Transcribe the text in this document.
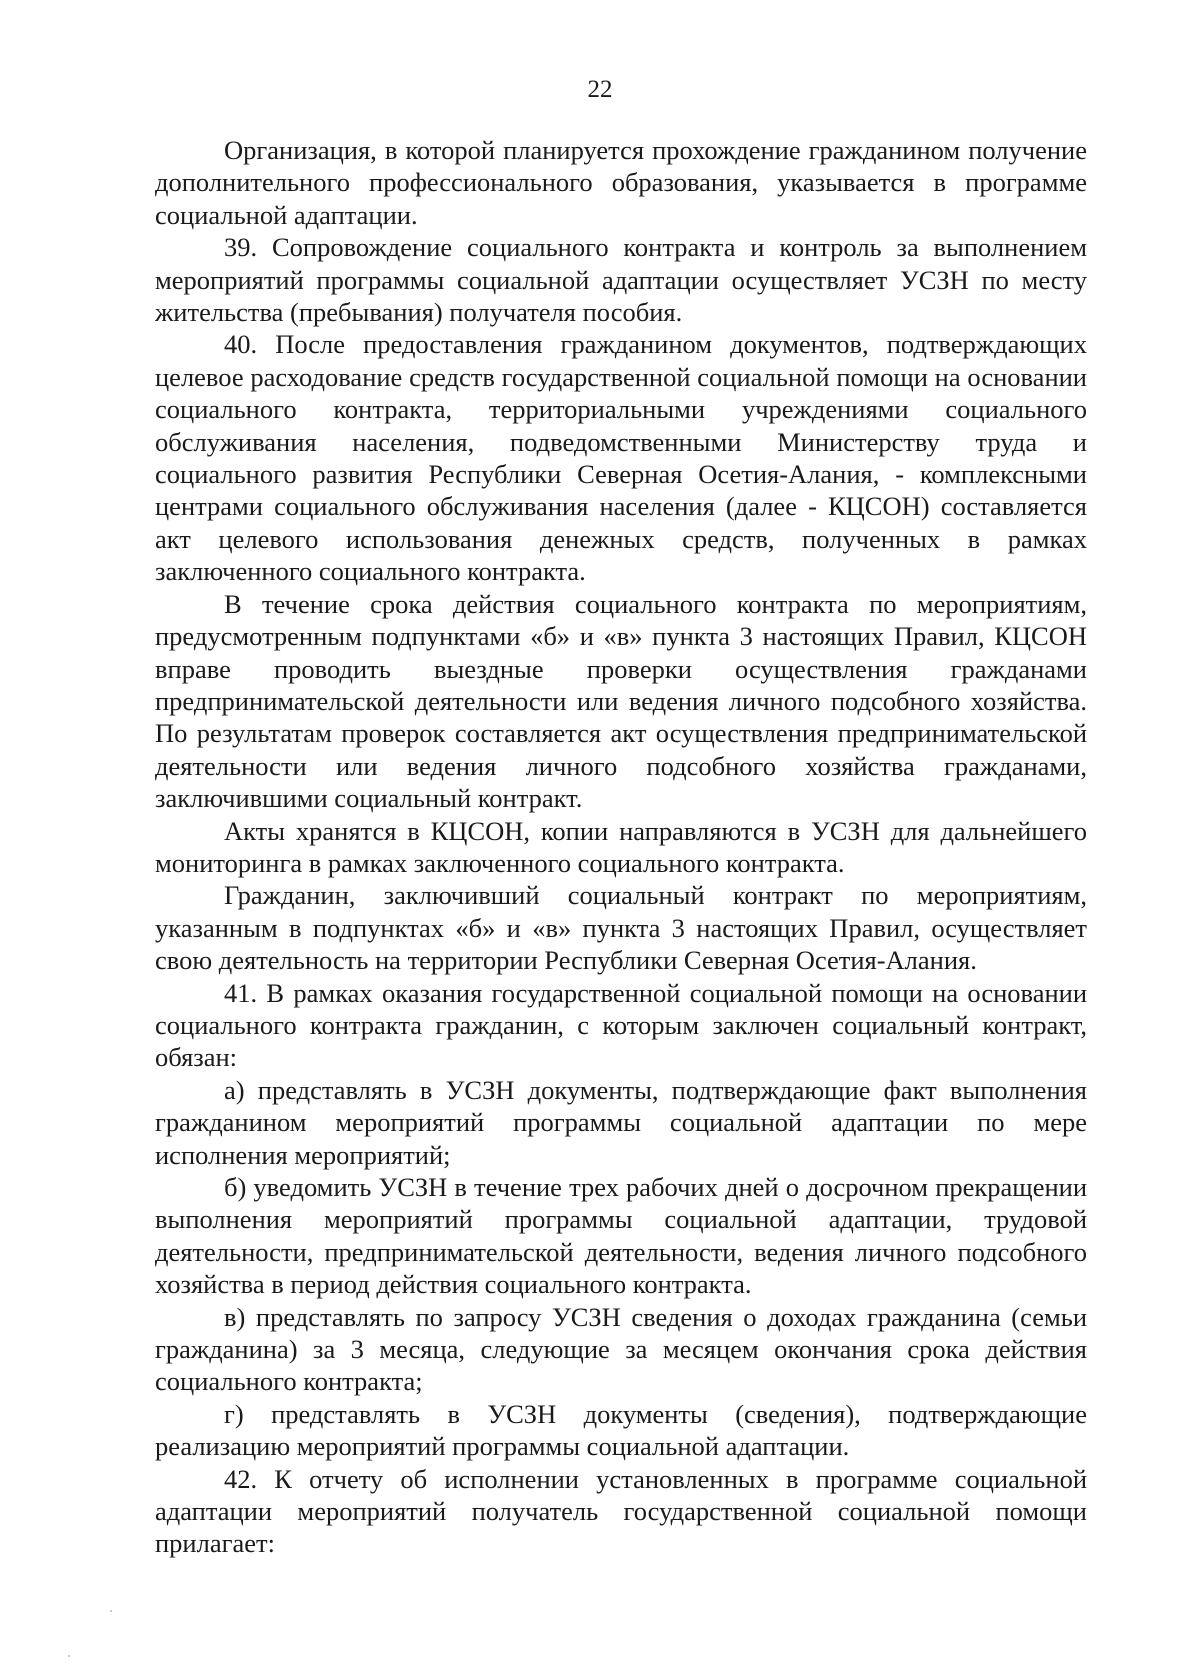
22

Организация, в которой планируется прохождение гражданином получение дополнительного профессионального образования, указывается в программе социальной адаптации.

39. Сопровождение социального контракта и контроль за выполнением мероприятий программы социальной адаптации осуществляет УСЗН по месту жительства (пребывания) получателя пособия.

40. После предоставления гражданином документов, подтверждающих целевое расходование средств государственной социальной помощи на основании социального контракта, территориальными учреждениями социального обслуживания населения, подведомственными Министерству труда и социального развития Республики Северная Осетия-Алания, - комплексными центрами социального обслуживания населения (далее - КЦСОН) составляется акт целевого использования денежных средств, полученных в рамках заключенного социального контракта.

В течение срока действия социального контракта по мероприятиям, предусмотренным подпунктами «б» и «в» пункта 3 настоящих Правил, КЦСОН вправе проводить выездные проверки осуществления гражданами предпринимательской деятельности или ведения личного подсобного хозяйства. По результатам проверок составляется акт осуществления предпринимательской деятельности или ведения личного подсобного хозяйства гражданами, заключившими социальный контракт.

Акты хранятся в КЦСОН, копии направляются в УСЗН для дальнейшего мониторинга в рамках заключенного социального контракта.

Гражданин, заключивший социальный контракт по мероприятиям, указанным в подпунктах «б» и «в» пункта 3 настоящих Правил, осуществляет свою деятельность на территории Республики Северная Осетия-Алания.

41. В рамках оказания государственной социальной помощи на основании социального контракта гражданин, с которым заключен социальный контракт, обязан:

а) представлять в УСЗН документы, подтверждающие факт выполнения гражданином мероприятий программы социальной адаптации по мере исполнения мероприятий;

б) уведомить УСЗН в течение трех рабочих дней о досрочном прекращении выполнения мероприятий программы социальной адаптации, трудовой деятельности, предпринимательской деятельности, ведения личного подсобного хозяйства в период действия социального контракта.

в) представлять по запросу УСЗН сведения о доходах гражданина (семьи гражданина) за 3 месяца, следующие за месяцем окончания срока действия социального контракта;

г) представлять в УСЗН документы (сведения), подтверждающие реализацию мероприятий программы социальной адаптации.

42. К отчету об исполнении установленных в программе социальной адаптации мероприятий получатель государственной социальной помощи прилагает:
